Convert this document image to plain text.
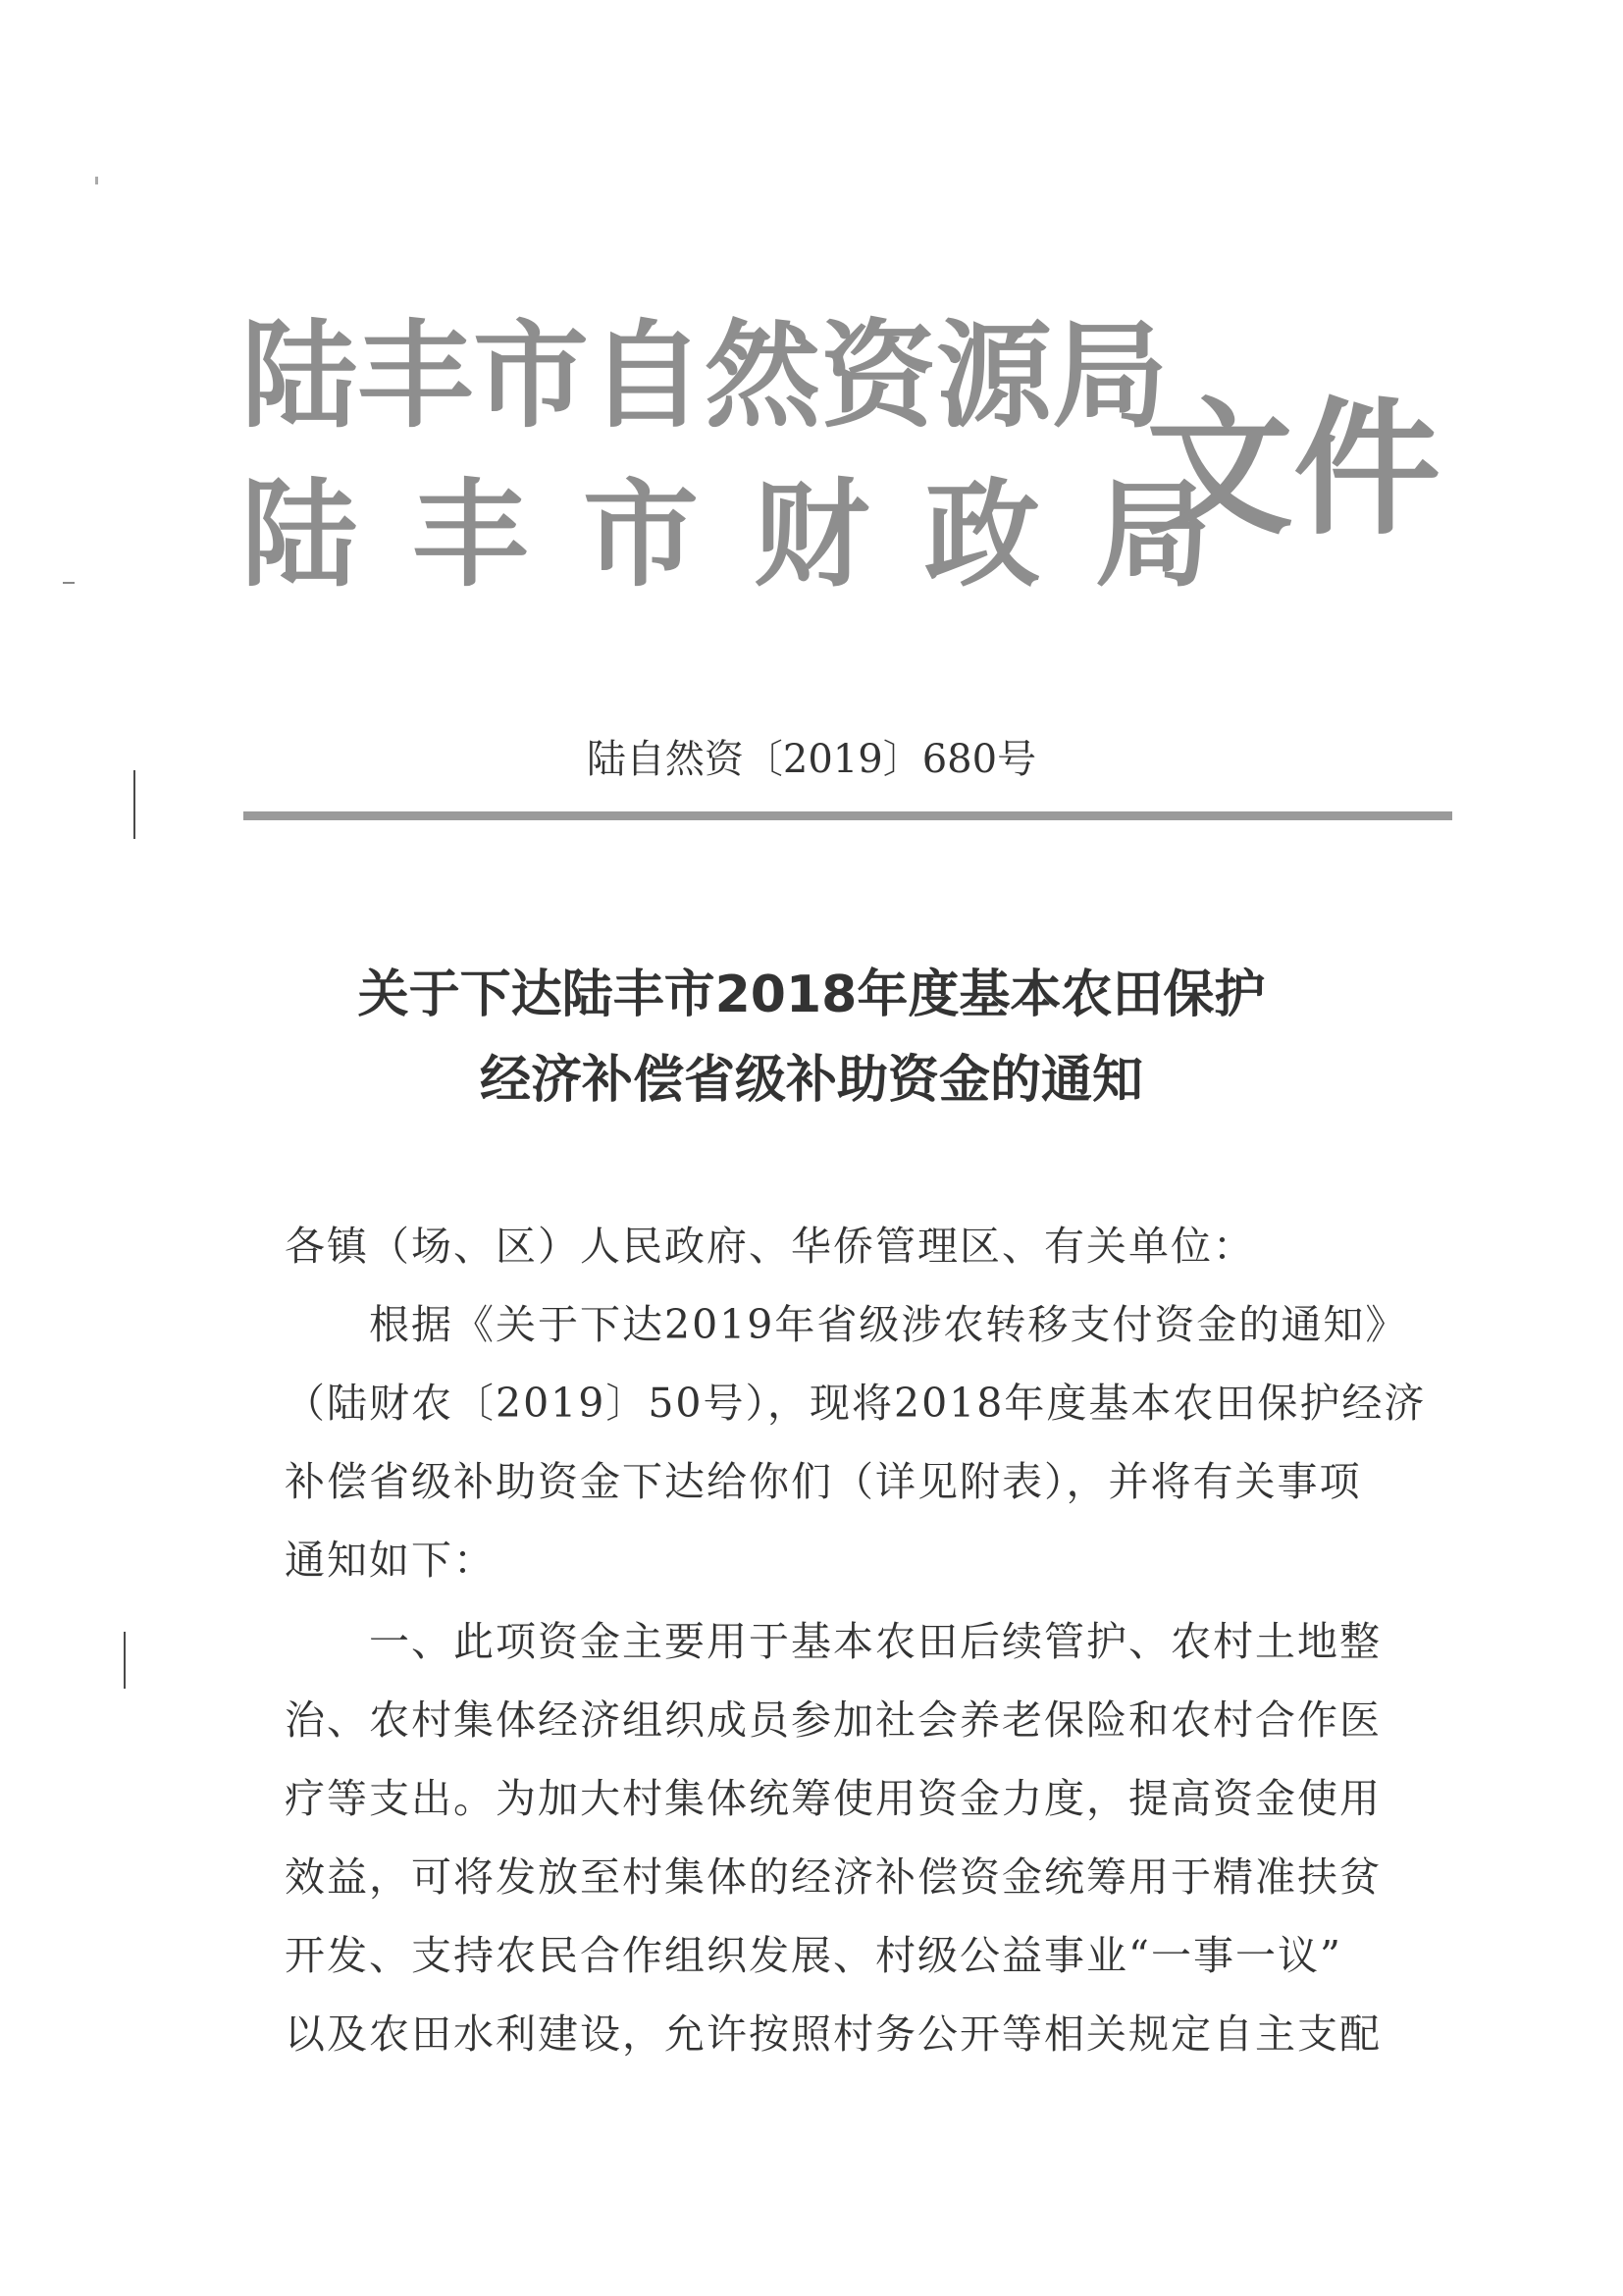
陆丰市自然资源局
陆丰市财政局
文件
陆自然资〔2019〕680号
关于下达陆丰市2018年度基本农田保护
经济补偿省级补助资金的通知
各镇（场、区）人民政府、华侨管理区、有关单位：
根据《关于下达2019年省级涉农转移支付资金的通知》
（陆财农〔2019〕50号），现将2018年度基本农田保护经济
补偿省级补助资金下达给你们（详见附表），并将有关事项
通知如下：
一、此项资金主要用于基本农田后续管护、农村土地整
治、农村集体经济组织成员参加社会养老保险和农村合作医
疗等支出。为加大村集体统筹使用资金力度，提高资金使用
效益，可将发放至村集体的经济补偿资金统筹用于精准扶贫
开发、支持农民合作组织发展、村级公益事业“一事一议”
以及农田水利建设，允许按照村务公开等相关规定自主支配
